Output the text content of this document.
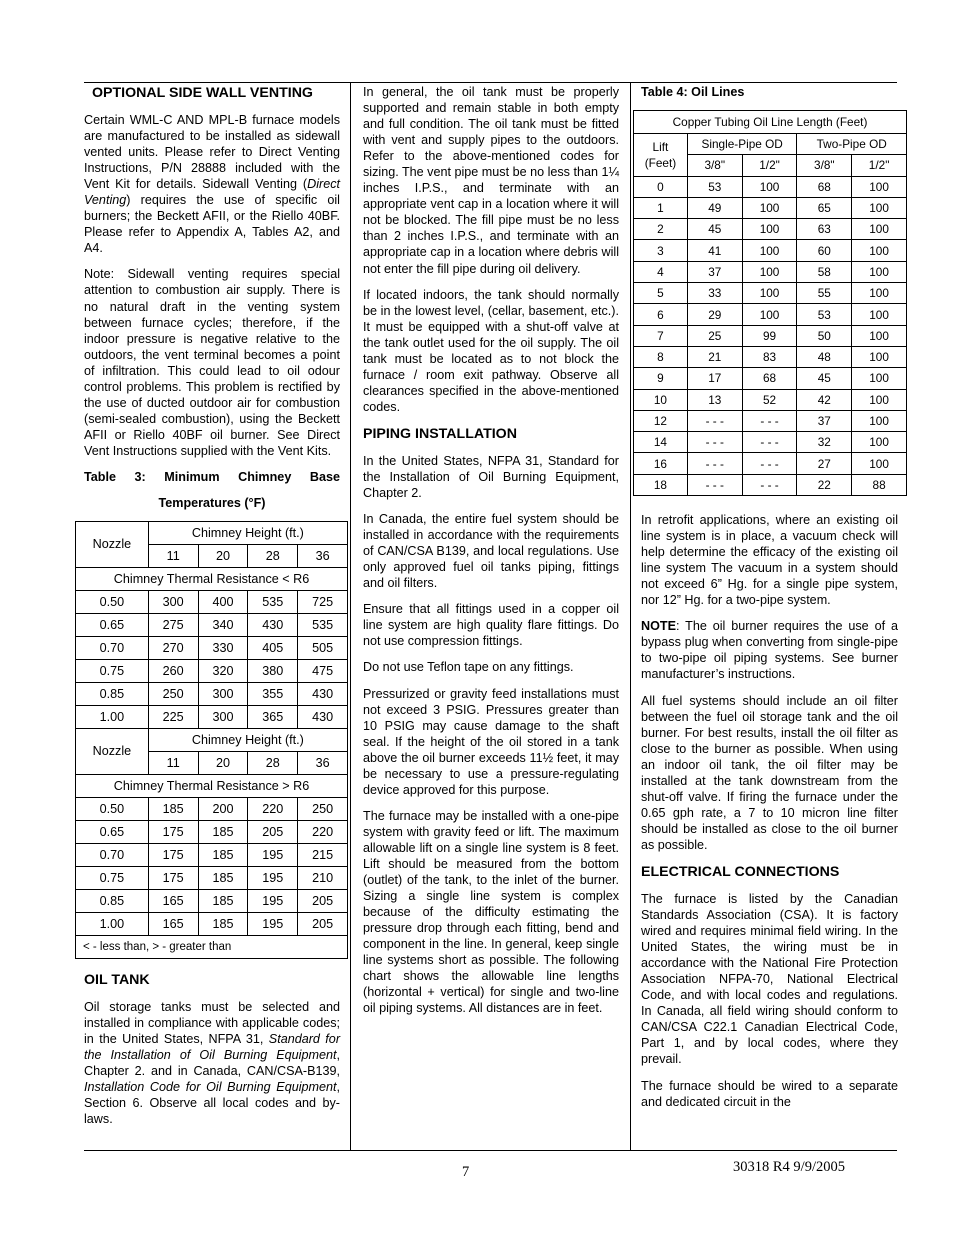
OPTIONAL SIDE WALL VENTING

Certain WML-C AND MPL-B furnace models are manufactured to be installed as sidewall vented units. Please refer to Direct Venting Instructions, P/N 28888 included with the Vent Kit for details. Sidewall Venting (Direct Venting) requires the use of specific oil burners; the Beckett AFII, or the Riello 40BF. Please refer to Appendix A, Tables A2, and A4.

Note: Sidewall venting requires special attention to combustion air supply. There is no natural draft in the venting system between furnace cycles; therefore, if the indoor pressure is negative relative to the outdoors, the vent terminal becomes a point of infiltration. This could lead to oil odour control problems. This problem is rectified by the use of ducted outdoor air for combustion (semi-sealed combustion), using the Beckett AFII or Riello 40BF oil burner. See Direct Vent Instructions supplied with the Vent Kits.

Table 3: Minimum Chimney Base

Temperatures (°F)

Nozzle	Chimney Height (ft.)			
	11	20	28	36
Chimney Thermal Resistance < R6				
0.50	300	400	535	725
0.65	275	340	430	535
0.70	270	330	405	505
0.75	260	320	380	475
0.85	250	300	355	430
1.00	225	300	365	430
Nozzle	Chimney Height (ft.)			
	11	20	28	36
Chimney Thermal Resistance > R6				
0.50	185	200	220	250
0.65	175	185	205	220
0.70	175	185	195	215
0.75	175	185	195	210
0.85	165	185	195	205
1.00	165	185	195	205
< - less than, > - greater than				
OIL TANK

Oil storage tanks must be selected and installed in compliance with applicable codes; in the United States, NFPA 31, Standard for the Installation of Oil Burning Equipment, Chapter 2. and in Canada, CAN/CSA-B139, Installation Code for Oil Burning Equipment, Section 6. Observe all local codes and by-laws.

In general, the oil tank must be properly supported and remain stable in both empty and full condition. The oil tank must be fitted with vent and supply pipes to the outdoors. Refer to the above-mentioned codes for sizing. The vent pipe must be no less than 1¼ inches I.P.S., and terminate with an appropriate vent cap in a location where it will not be blocked. The fill pipe must be no less than 2 inches I.P.S., and terminate with an appropriate cap in a location where debris will not enter the fill pipe during oil delivery.

If located indoors, the tank should normally be in the lowest level, (cellar, basement, etc.). It must be equipped with a shut-off valve at the tank outlet used for the oil supply. The oil tank must be located as to not block the furnace / room exit pathway. Observe all clearances specified in the above-mentioned codes.

PIPING INSTALLATION

In the United States, NFPA 31, Standard for the Installation of Oil Burning Equipment, Chapter 2.

In Canada, the entire fuel system should be installed in accordance with the requirements of CAN/CSA B139, and local regulations. Use only approved fuel oil tanks piping, fittings and oil filters.

Ensure that all fittings used in a copper oil line system are high quality flare fittings. Do not use compression fittings.

Do not use Teflon tape on any fittings.

Pressurized or gravity feed installations must not exceed 3 PSIG. Pressures greater than 10 PSIG may cause damage to the shaft seal. If the height of the oil stored in a tank above the oil burner exceeds 11½ feet, it may be necessary to use a pressure-regulating device approved for this purpose.

The furnace may be installed with a one-pipe system with gravity feed or lift. The maximum allowable lift on a single line system is 8 feet. Lift should be measured from the bottom (outlet) of the tank, to the inlet of the burner. Sizing a single line system is complex because of the difficulty estimating the pressure drop through each fitting, bend and component in the line. In general, keep single line systems short as possible. The following chart shows the allowable line lengths (horizontal + vertical) for single and two-line oil piping systems. All distances are in feet.

Table 4: Oil Lines

Copper Tubing Oil Line Length (Feet)				

Lift
(Feet)	Single-Pipe OD		Two-Pipe OD	
	3/8"	1/2"	3/8"	1/2"
0	53	100	68	100
1	49	100	65	100
2	45	100	63	100
3	41	100	60	100
4	37	100	58	100
5	33	100	55	100
6	29	100	53	100
7	25	99	50	100
8	21	83	48	100
9	17	68	45	100
10	13	52	42	100
12	- - -	- - -	37	100
14	- - -	- - -	32	100
16	- - -	- - -	27	100
18	- - -	- - -	22	88

In retrofit applications, where an existing oil line system is in place, a vacuum check will help determine the efficacy of the existing oil line system The vacuum in a system should not exceed 6” Hg. for a single pipe system, nor 12” Hg. for a two-pipe system.

NOTE: The oil burner requires the use of a bypass plug when converting from single-pipe to two-pipe oil piping systems. See burner manufacturer’s instructions.

All fuel systems should include an oil filter between the fuel oil storage tank and the oil burner. For best results, install the oil filter as close to the burner as possible. When using an indoor oil tank, the oil filter may be installed at the tank downstream from the shut-off valve. If firing the furnace under the 0.65 gph rate, a 7 to 10 micron line filter should be installed as close to the oil burner as possible.

ELECTRICAL CONNECTIONS

The furnace is listed by the Canadian Standards Association (CSA). It is factory wired and requires minimal field wiring. In the United States, the wiring must be in accordance with the National Fire Protection Association NFPA-70, National Electrical Code, and with local codes and regulations. In Canada, all field wiring should conform to CAN/CSA C22.1 Canadian Electrical Code, Part 1, and by local codes, where they prevail.

The furnace should be wired to a separate and dedicated circuit in the

7	30318 R4 9/9/2005
